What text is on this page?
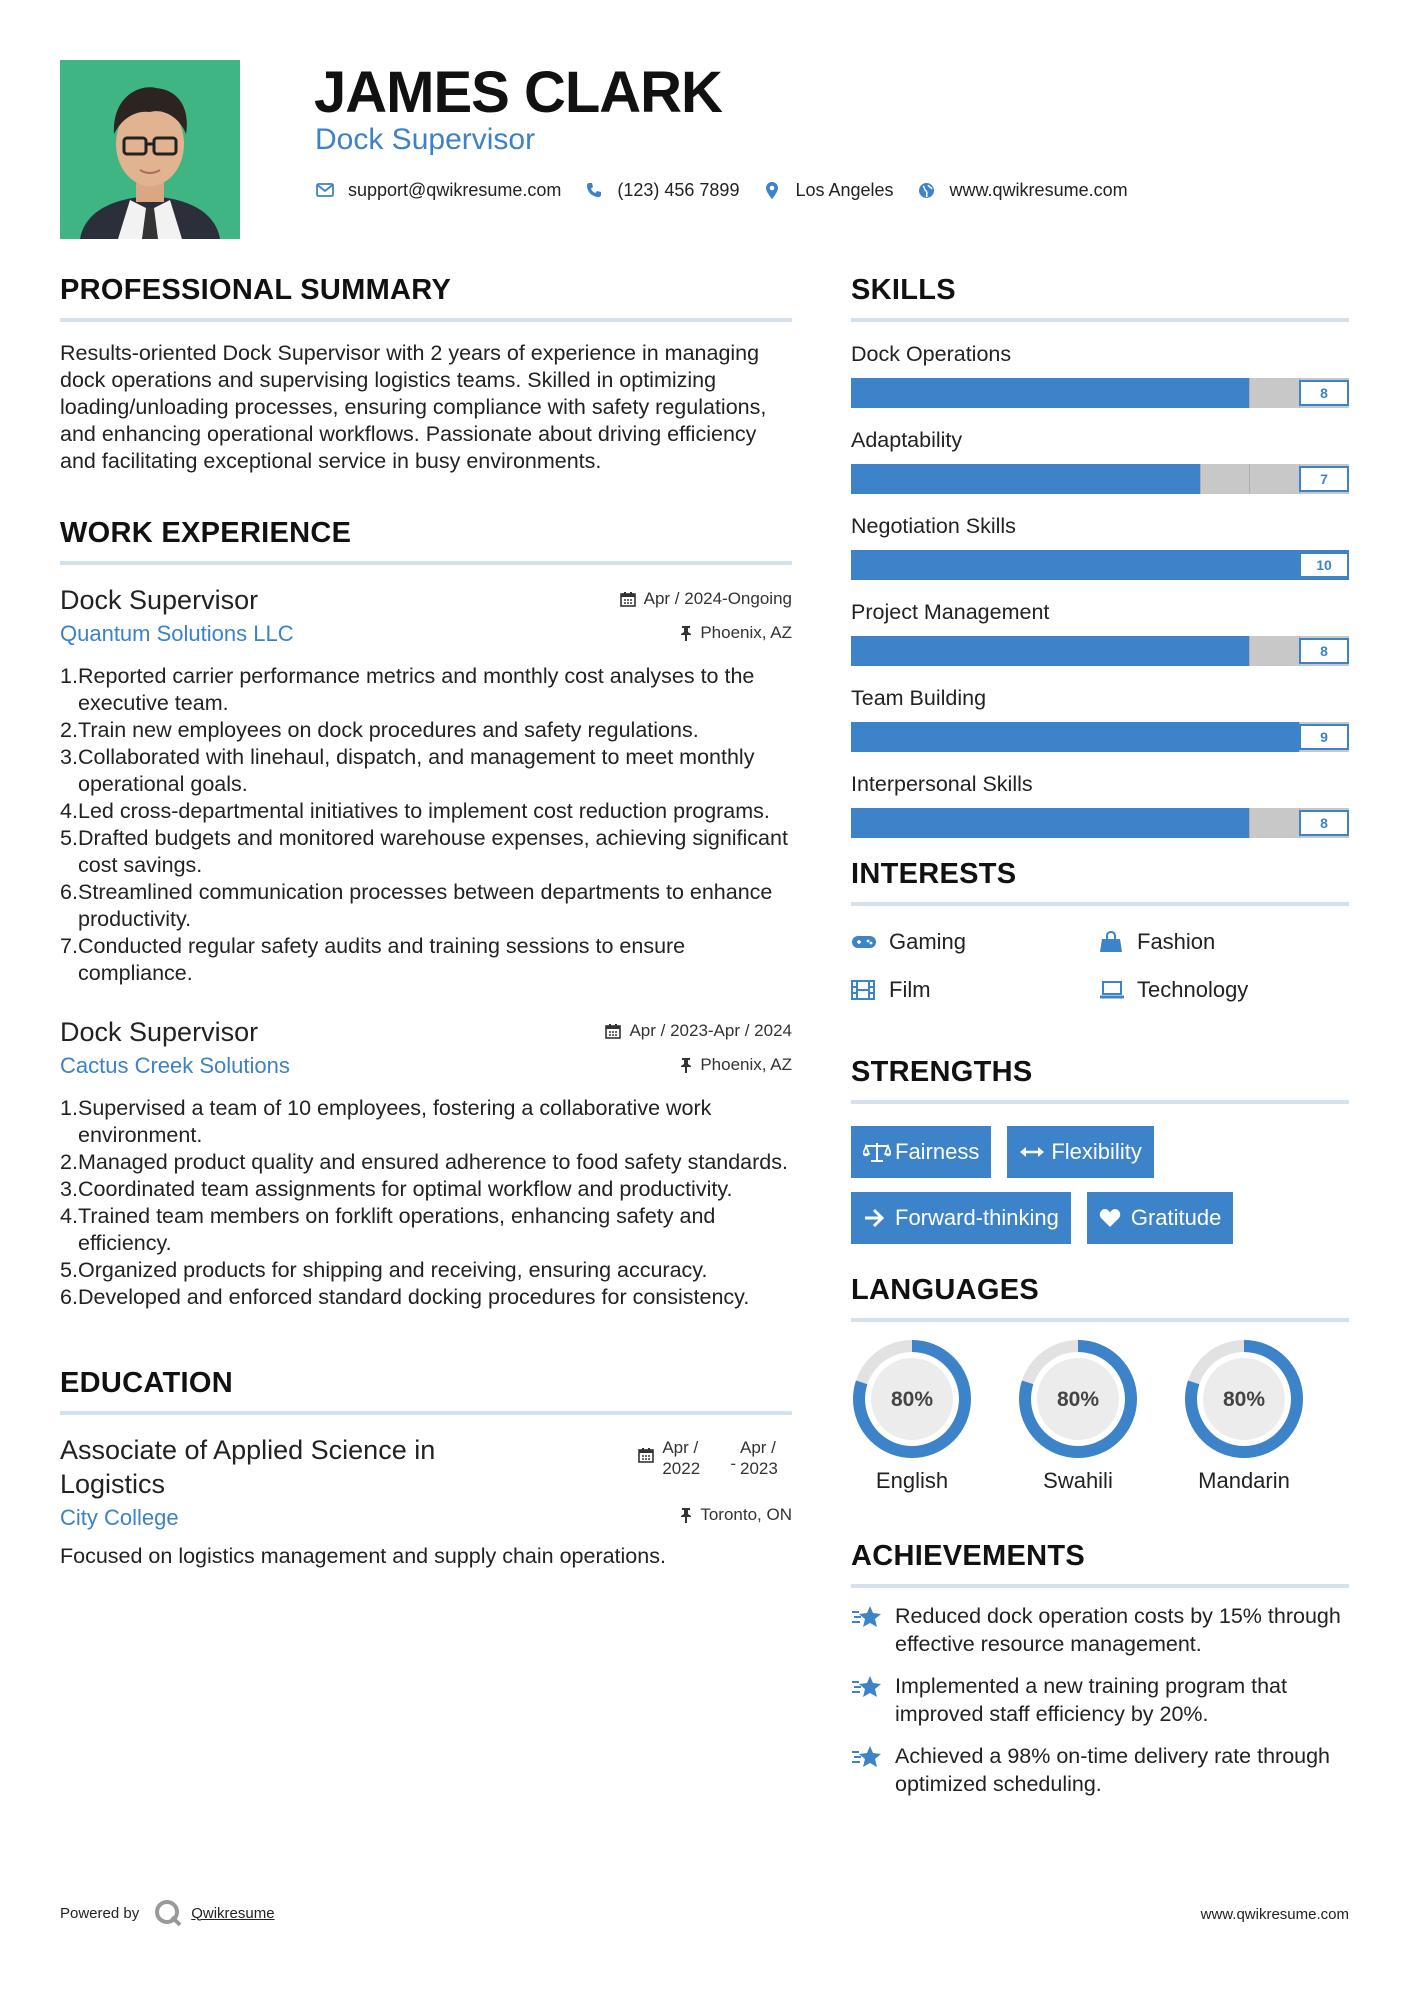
JAMES CLARK
Dock Supervisor
support@qwikresume.com	(123) 456 7899	Los Angeles	www.qwikresume.com
PROFESSIONAL SUMMARY
Results-oriented Dock Supervisor with 2 years of experience in managing dock operations and supervising logistics teams. Skilled in optimizing loading/unloading processes, ensuring compliance with safety regulations, and enhancing operational workflows. Passionate about driving efficiency and facilitating exceptional service in busy environments.
WORK EXPERIENCE
Dock Supervisor
Quantum Solutions LLC
Apr / 2024-Ongoing
Phoenix, AZ
1. Reported carrier performance metrics and monthly cost analyses to the executive team.
2. Train new employees on dock procedures and safety regulations.
3. Collaborated with linehaul, dispatch, and management to meet monthly operational goals.
4. Led cross-departmental initiatives to implement cost reduction programs.
5. Drafted budgets and monitored warehouse expenses, achieving significant cost savings.
6. Streamlined communication processes between departments to enhance productivity.
7. Conducted regular safety audits and training sessions to ensure compliance.
Dock Supervisor
Cactus Creek Solutions
Apr / 2023-Apr / 2024
Phoenix, AZ
1. Supervised a team of 10 employees, fostering a collaborative work environment.
2. Managed product quality and ensured adherence to food safety standards.
3. Coordinated team assignments for optimal workflow and productivity.
4. Trained team members on forklift operations, enhancing safety and efficiency.
5. Organized products for shipping and receiving, ensuring accuracy.
6. Developed and enforced standard docking procedures for consistency.
EDUCATION
Associate of Applied Science in Logistics
City College
Apr / 2022	-
Apr / 2023
Toronto, ON
Focused on logistics management and supply chain operations.
SKILLS
Dock Operations
8
Adaptability
7
Negotiation Skills
10
Project Management
8
Team Building
9
Interpersonal Skills
8
INTERESTS
Gaming	Fashion
Film	Technology
STRENGTHS
Fairness	Flexibility
Forward-thinking	Gratitude
LANGUAGES
80%
English
80%
Swahili
80%
Mandarin
ACHIEVEMENTS
Reduced dock operation costs by 15% through effective resource management.
Implemented a new training program that improved staff efficiency by 20%.
Achieved a 98% on-time delivery rate through optimized scheduling.
Powered by	Qwikresume	www.qwikresume.com
